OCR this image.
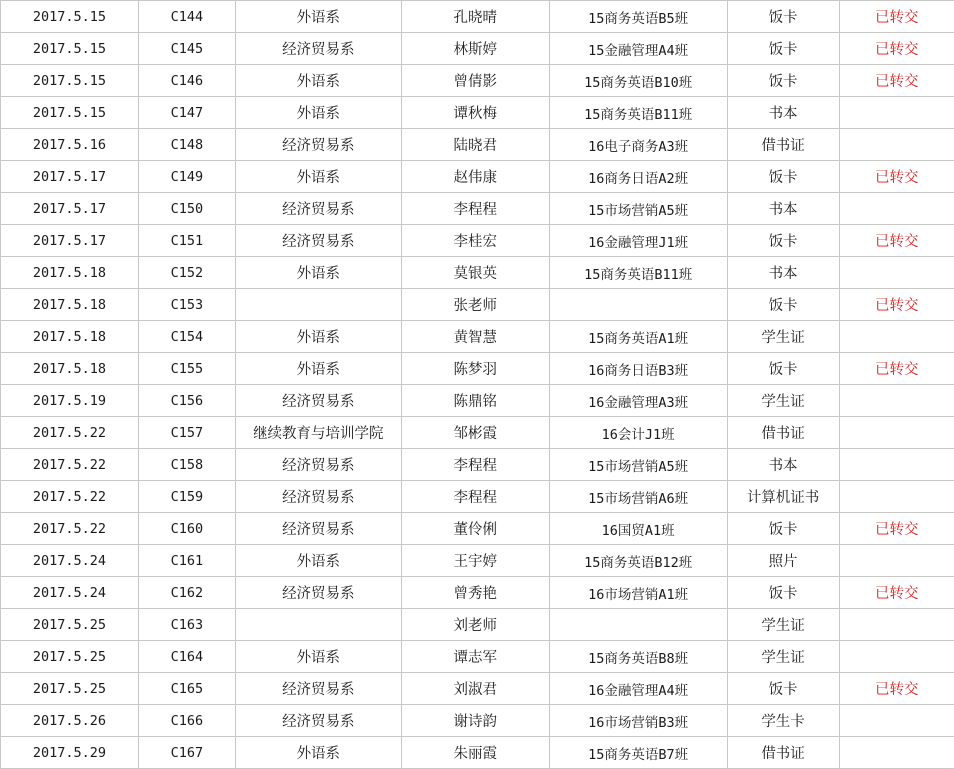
2017.5.15	C144	外语系	孔晓晴	15商务英语B5班	饭卡	已转交
2017.5.15	C145	经济贸易系	林斯婷	15金融管理A4班	饭卡	已转交
2017.5.15	C146	外语系	曾倩影	15商务英语B10班	饭卡	已转交
2017.5.15	C147	外语系	谭秋梅	15商务英语B11班	书本	
2017.5.16	C148	经济贸易系	陆晓君	16电子商务A3班	借书证	
2017.5.17	C149	外语系	赵伟康	16商务日语A2班	饭卡	已转交
2017.5.17	C150	经济贸易系	李程程	15市场营销A5班	书本	
2017.5.17	C151	经济贸易系	李桂宏	16金融管理J1班	饭卡	已转交
2017.5.18	C152	外语系	莫银英	15商务英语B11班	书本	
2017.5.18	C153		张老师		饭卡	已转交
2017.5.18	C154	外语系	黄智慧	15商务英语A1班	学生证	
2017.5.18	C155	外语系	陈梦羽	16商务日语B3班	饭卡	已转交
2017.5.19	C156	经济贸易系	陈鼎铭	16金融管理A3班	学生证	
2017.5.22	C157	继续教育与培训学院	邹彬霞	16会计J1班	借书证	
2017.5.22	C158	经济贸易系	李程程	15市场营销A5班	书本	
2017.5.22	C159	经济贸易系	李程程	15市场营销A6班	计算机证书	
2017.5.22	C160	经济贸易系	董伶俐	16国贸A1班	饭卡	已转交
2017.5.24	C161	外语系	王宇婷	15商务英语B12班	照片	
2017.5.24	C162	经济贸易系	曾秀艳	16市场营销A1班	饭卡	已转交
2017.5.25	C163		刘老师		学生证	
2017.5.25	C164	外语系	谭志军	15商务英语B8班	学生证	
2017.5.25	C165	经济贸易系	刘淑君	16金融管理A4班	饭卡	已转交
2017.5.26	C166	经济贸易系	谢诗韵	16市场营销B3班	学生卡	
2017.5.29	C167	外语系	朱丽霞	15商务英语B7班	借书证	
